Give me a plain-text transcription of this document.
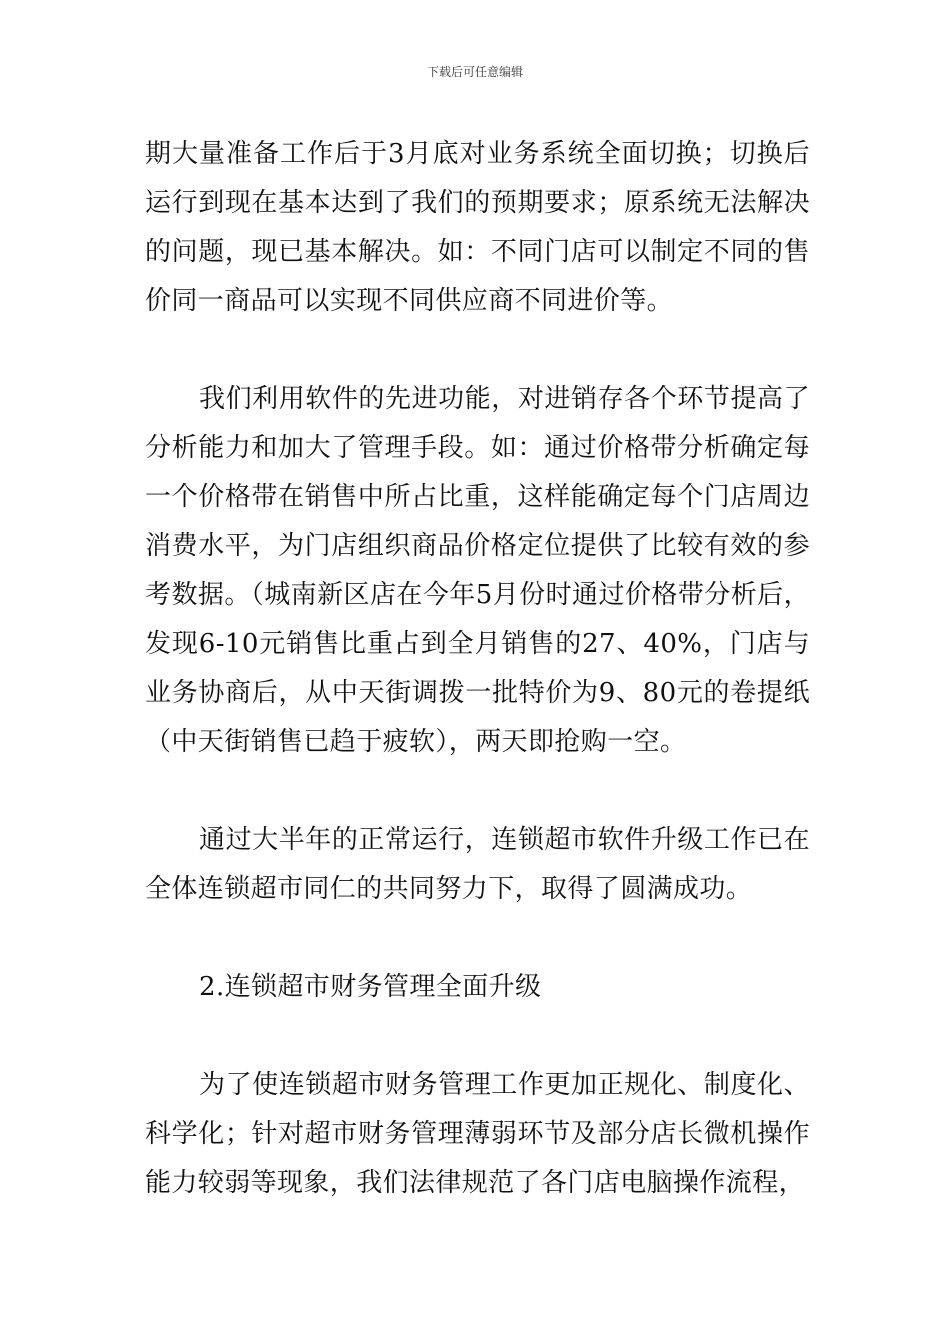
下载后可任意编辑

期大量准备工作后于3月底对业务系统全面切换；切换后运行到现在基本达到了我们的预期要求；原系统无法解决的问题，现已基本解决。如：不同门店可以制定不同的售价同一商品可以实现不同供应商不同进价等。

我们利用软件的先进功能，对进销存各个环节提高了分析能力和加大了管理手段。如：通过价格带分析确定每一个价格带在销售中所占比重，这样能确定每个门店周边消费水平，为门店组织商品价格定位提供了比较有效的参考数据。（城南新区店在今年5月份时通过价格带分析后，发现6-10元销售比重占到全月销售的27、40%，门店与业务协商后，从中天街调拨一批特价为9、80元的卷提纸（中天街销售已趋于疲软），两天即抢购一空。

通过大半年的正常运行，连锁超市软件升级工作已在全体连锁超市同仁的共同努力下，取得了圆满成功。

2.连锁超市财务管理全面升级

为了使连锁超市财务管理工作更加正规化、制度化、科学化；针对超市财务管理薄弱环节及部分店长微机操作能力较弱等现象，我们法律规范了各门店电脑操作流程，
